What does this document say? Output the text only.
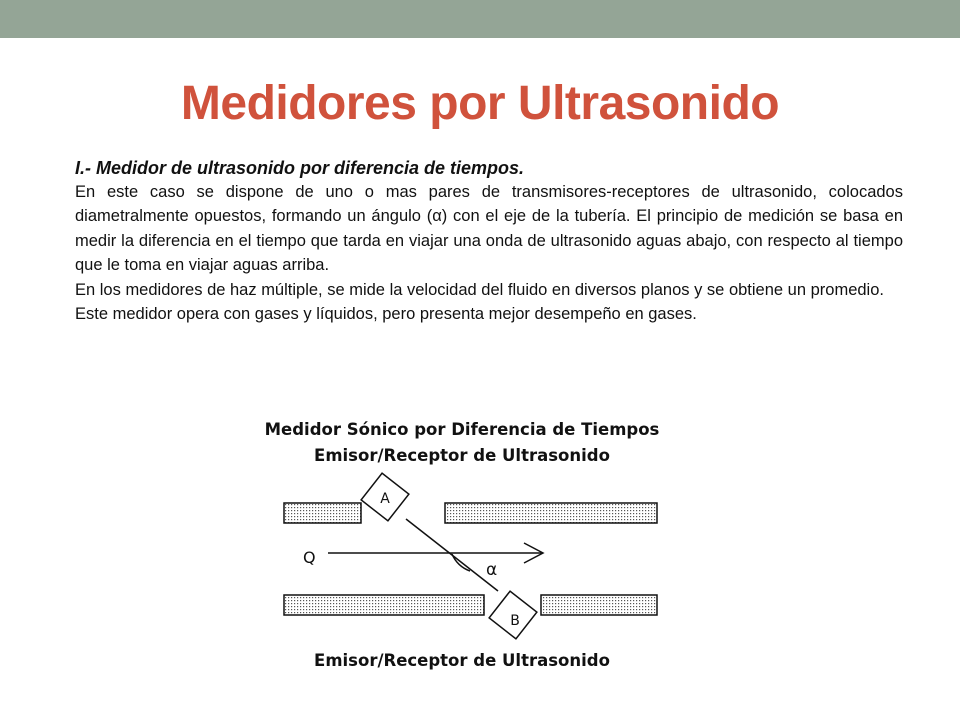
Medidores por Ultrasonido
I.- Medidor de ultrasonido por diferencia de tiempos.

En este caso se dispone de uno o mas pares de transmisores-receptores de ultrasonido, colocados diametralmente opuestos, formando un ángulo (α) con el eje de la tubería. El principio de medición se basa en medir la diferencia en el tiempo que tarda en viajar una onda de ultrasonido aguas abajo, con respecto al tiempo que le toma en viajar aguas arriba.

En los medidores de haz múltiple, se mide la velocidad del fluido en diversos planos y se obtiene un promedio.

Este medidor opera con gases y líquidos, pero presenta mejor desempeño en gases.

Medidor Sónico por Diferencia de Tiempos
Emisor/Receptor de Ultrasonido
A
B
Q
α
Emisor/Receptor de Ultrasonido
